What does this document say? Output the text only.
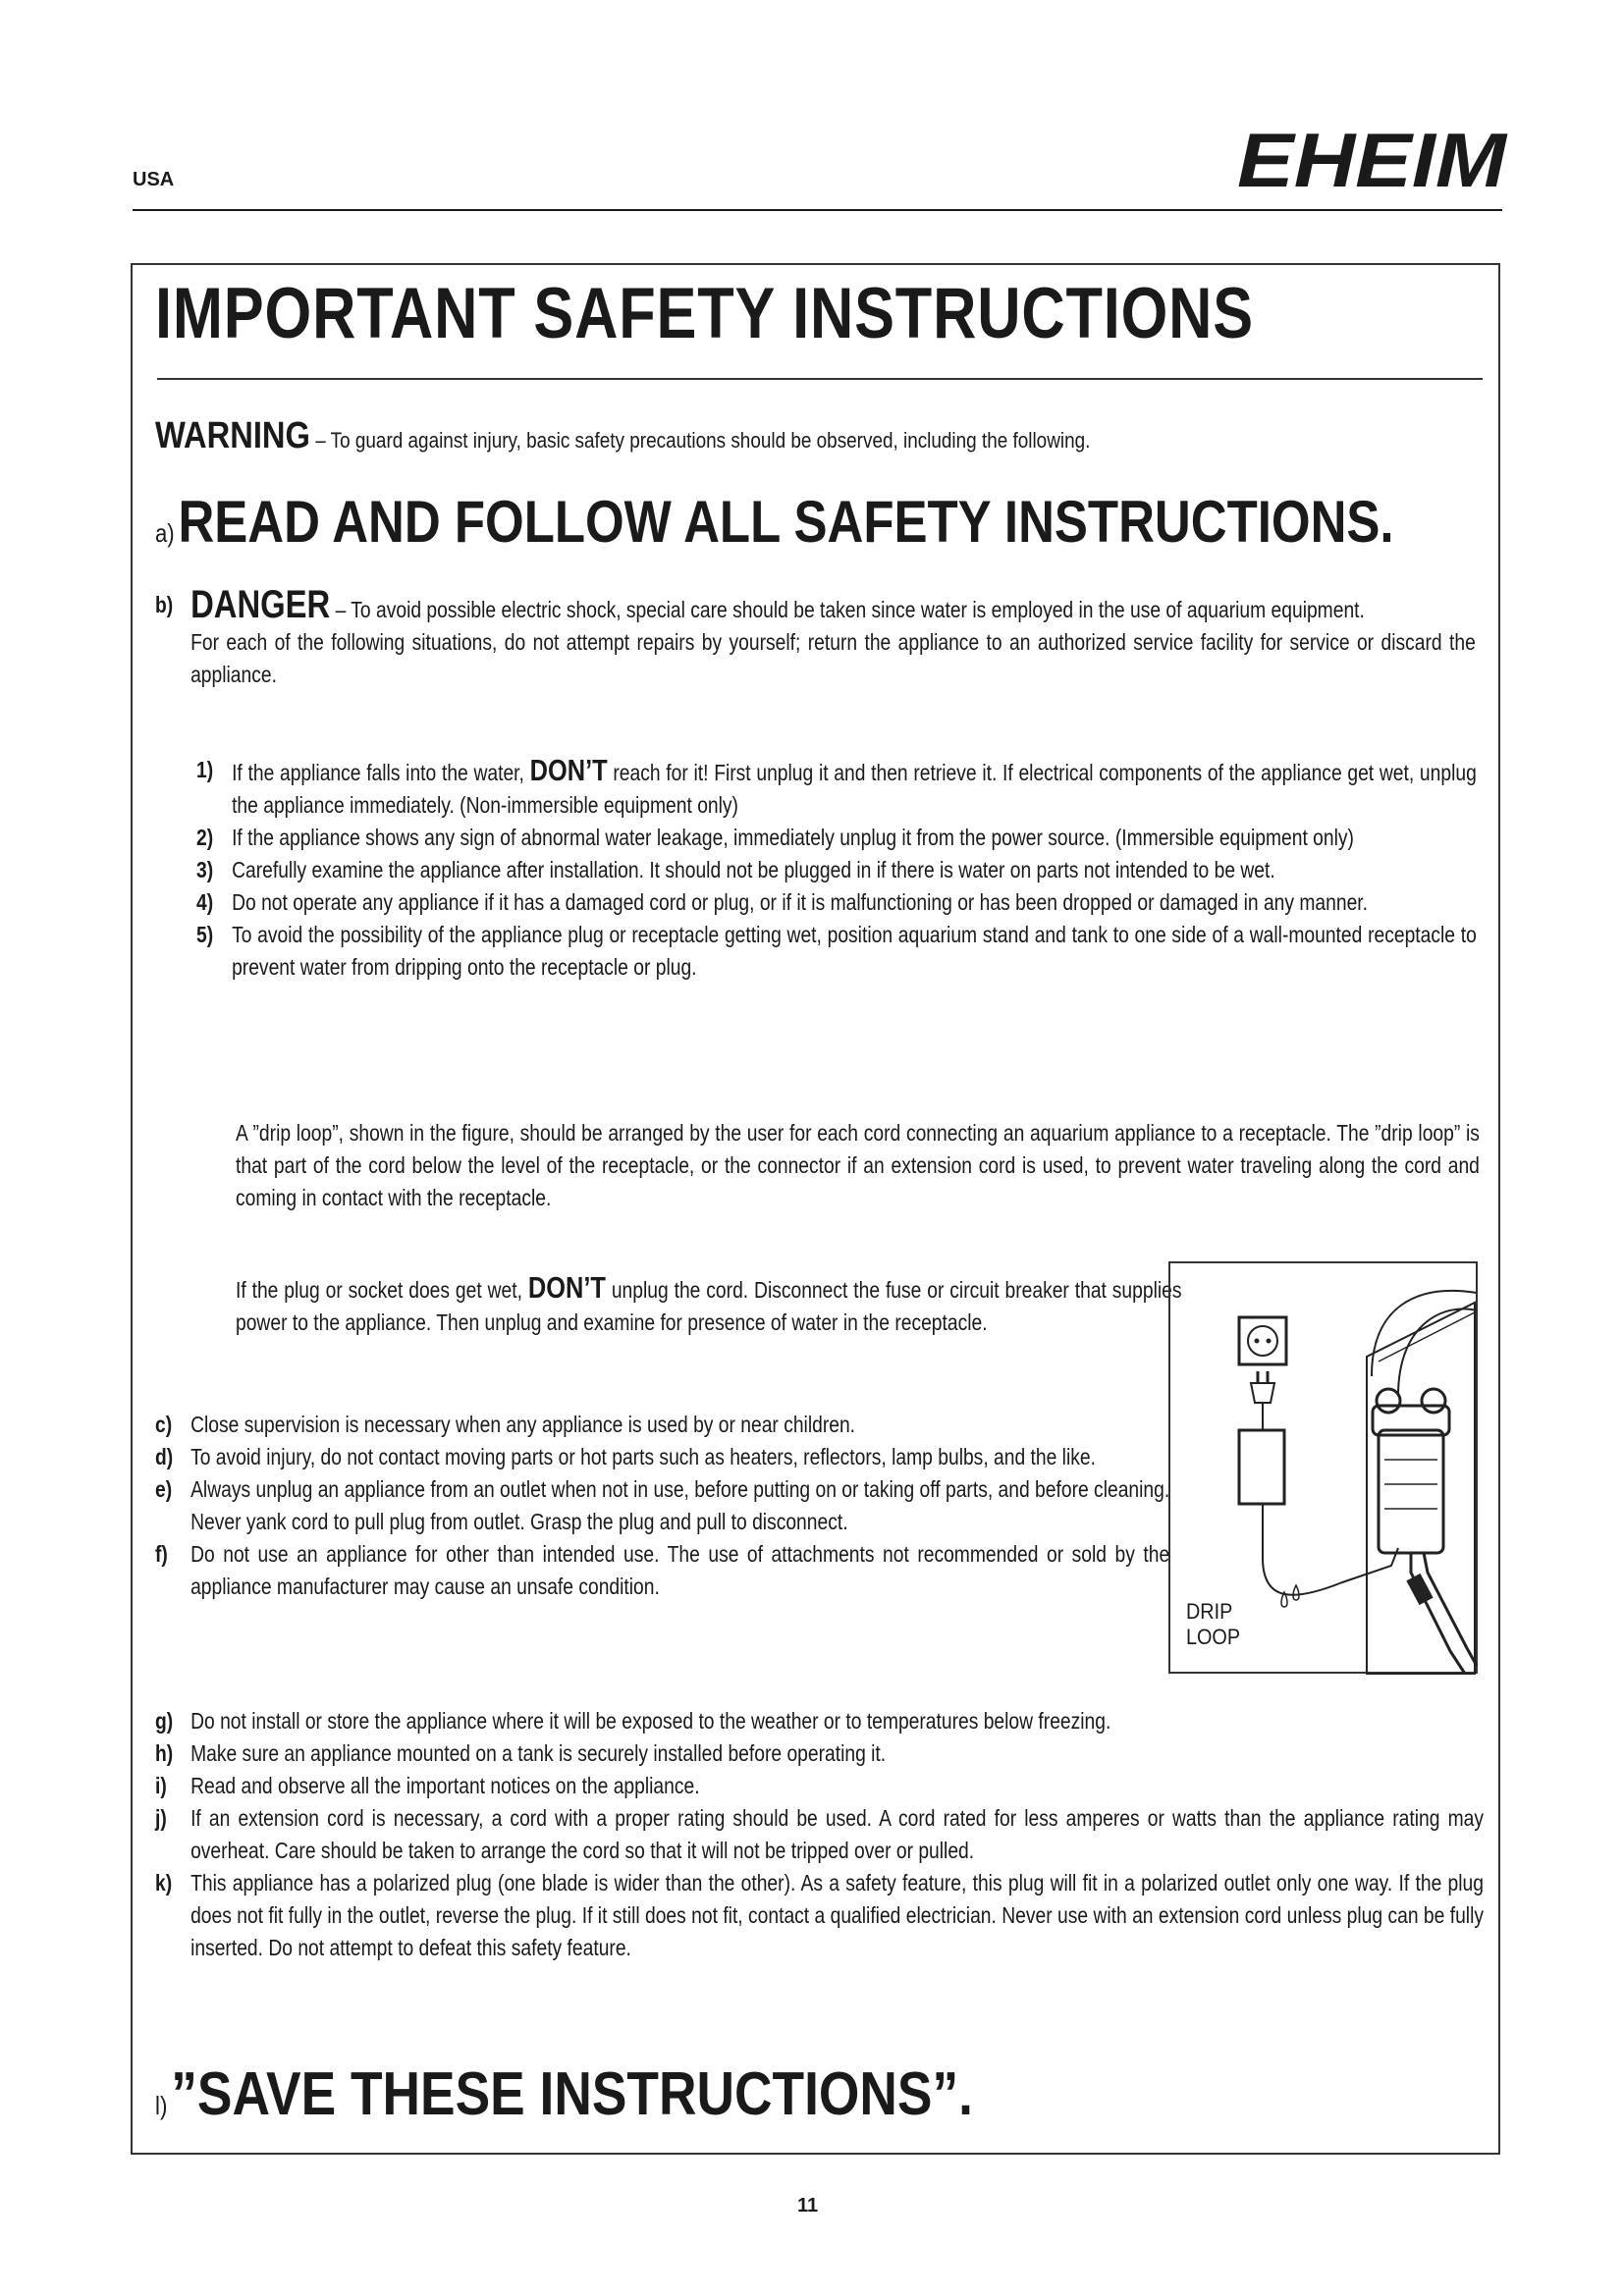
USA	EHEIM
IMPORTANT SAFETY INSTRUCTIONS
WARNING – To guard against injury, basic safety precautions should be observed, including the following.
a) READ AND FOLLOW ALL SAFETY INSTRUCTIONS.
b) DANGER – To avoid possible electric shock, special care should be taken since water is employed in the use of aquarium equipment.

For each of the following situations, do not attempt repairs by yourself; return the appliance to an authorized service facility for service or discard the appliance.

1) If the appliance falls into the water, DON’T reach for it! First unplug it and then retrieve it. If electrical components of the appliance get wet, unplug the appliance immediately. (Non-immersible equipment only)

2) If the appliance shows any sign of abnormal water leakage, immediately unplug it from the power source. (Immersible equipment only)

3) Carefully examine the appliance after installation. It should not be plugged in if there is water on parts not intended to be wet.

4) Do not operate any appliance if it has a damaged cord or plug, or if it is malfunctioning or has been dropped or damaged in any manner.

5) To avoid the possibility of the appliance plug or receptacle getting wet, position aquarium stand and tank to one side of a wall-mounted receptacle to prevent water from dripping onto the receptacle or plug.

A ”drip loop”, shown in the figure, should be arranged by the user for each cord connecting an aquarium appliance to a receptacle. The ”drip loop” is that part of the cord below the level of the receptacle, or the connector if an extension cord is used, to prevent water traveling along the cord and coming in contact with the receptacle.

If the plug or socket does get wet, DON’T unplug the cord. Disconnect the fuse or circuit breaker that supplies power to the appliance. Then unplug and examine for presence of water in the receptacle.

DRIP
LOOP
c) Close supervision is necessary when any appliance is used by or near children.

d) To avoid injury, do not contact moving parts or hot parts such as heaters, reflectors, lamp bulbs, and the like.

e) Always unplug an appliance from an outlet when not in use, before putting on or taking off parts, and before cleaning. Never yank cord to pull plug from outlet. Grasp the plug and pull to disconnect.

f) Do not use an appliance for other than intended use. The use of attachments not recommended or sold by the appliance manufacturer may cause an unsafe condition.

g) Do not install or store the appliance where it will be exposed to the weather or to temperatures below freezing.

h) Make sure an appliance mounted on a tank is securely installed before operating it.

i) Read and observe all the important notices on the appliance.

j) If an extension cord is necessary, a cord with a proper rating should be used. A cord rated for less amperes or watts than the appliance rating may overheat. Care should be taken to arrange the cord so that it will not be tripped over or pulled.

k) This appliance has a polarized plug (one blade is wider than the other). As a safety feature, this plug will fit in a polarized outlet only one way. If the plug does not fit fully in the outlet, reverse the plug. If it still does not fit, contact a qualified electrician. Never use with an extension cord unless plug can be fully inserted. Do not attempt to defeat this safety feature.

l) ”SAVE THESE INSTRUCTIONS”.
11
